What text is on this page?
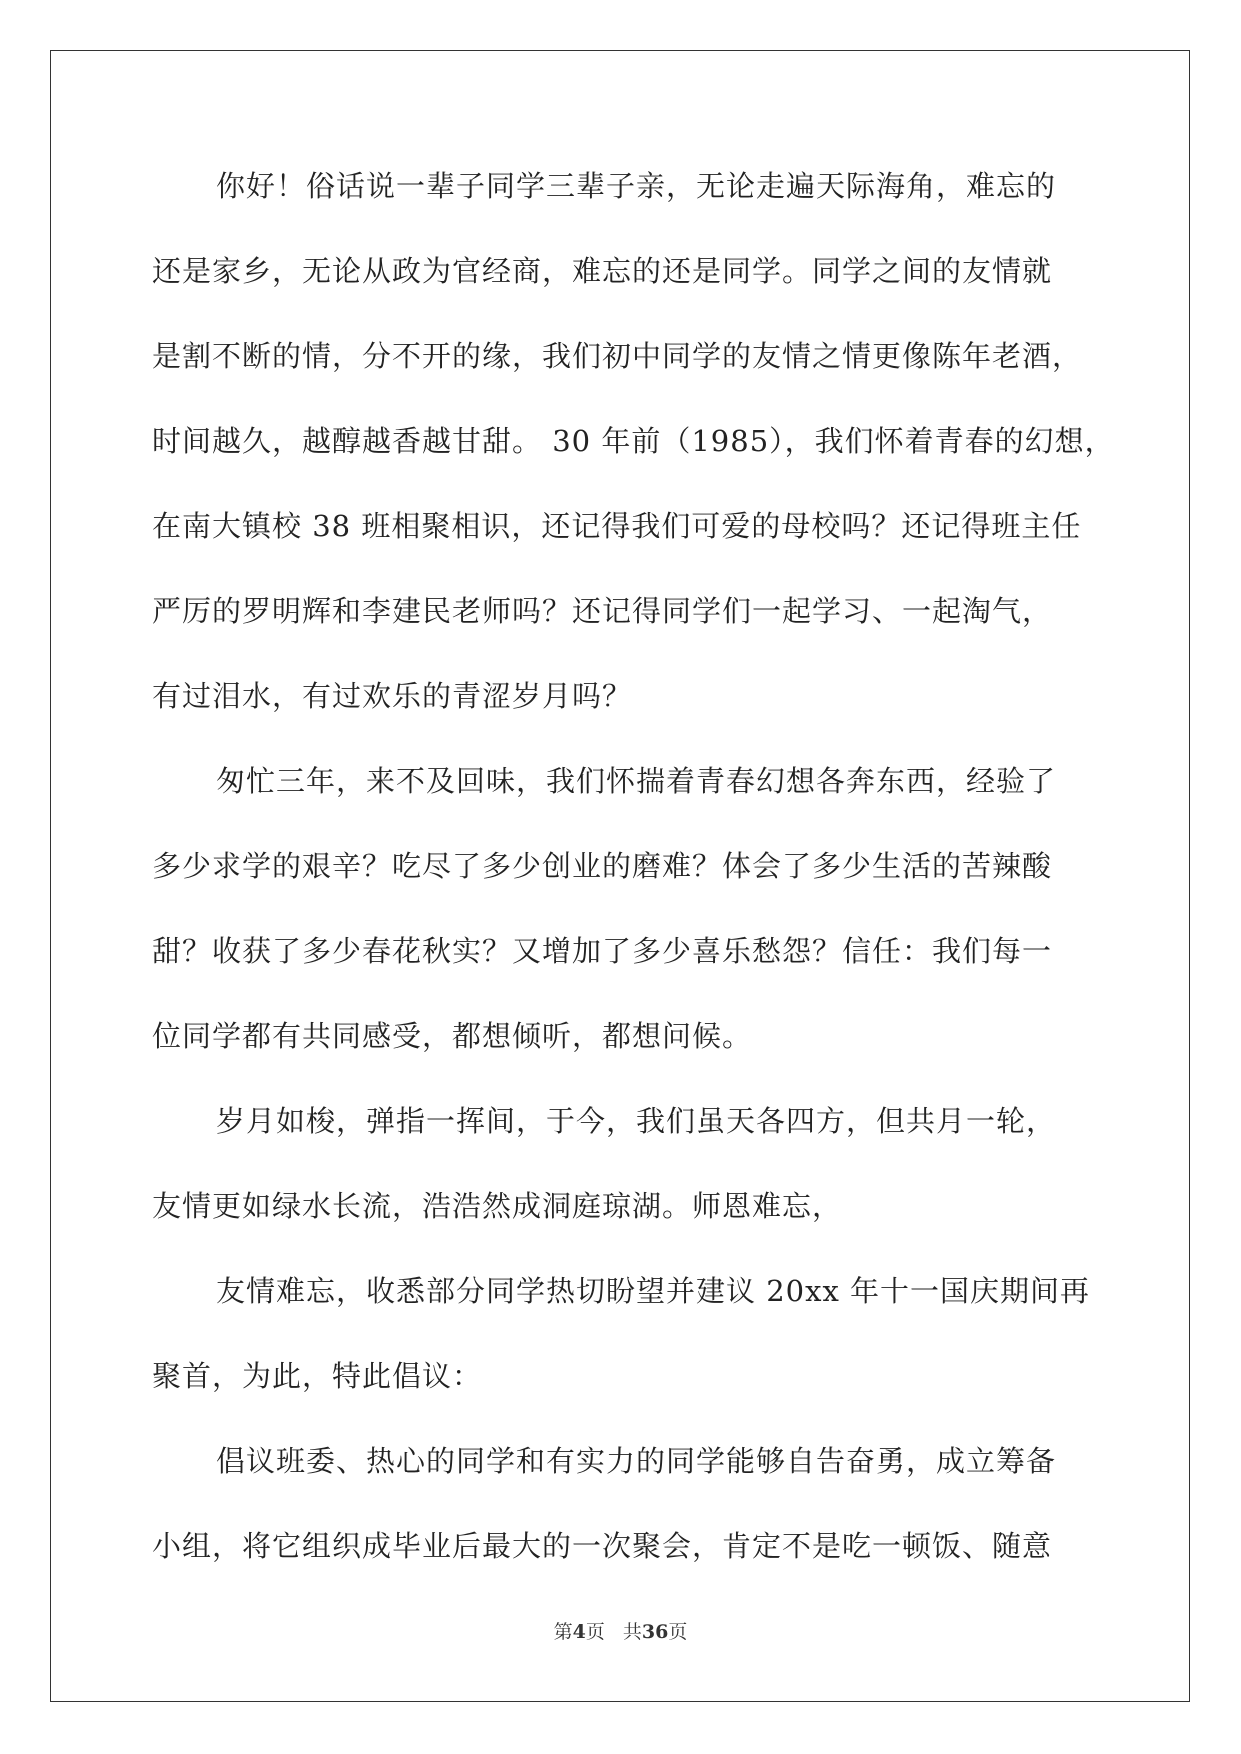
你好！俗话说一辈子同学三辈子亲，无论走遍天际海角，难忘的
还是家乡，无论从政为官经商，难忘的还是同学。同学之间的友情就
是割不断的情，分不开的缘，我们初中同学的友情之情更像陈年老酒，
时间越久，越醇越香越甘甜。 30 年前（1985），我们怀着青春的幻想，
在南大镇校 38 班相聚相识，还记得我们可爱的母校吗？还记得班主任
严厉的罗明辉和李建民老师吗？还记得同学们一起学习、一起淘气，
有过泪水，有过欢乐的青涩岁月吗？
匆忙三年，来不及回味，我们怀揣着青春幻想各奔东西，经验了
多少求学的艰辛？吃尽了多少创业的磨难？体会了多少生活的苦辣酸
甜？收获了多少春花秋实？又增加了多少喜乐愁怨？信任：我们每一
位同学都有共同感受，都想倾听，都想问候。
岁月如梭，弹指一挥间，于今，我们虽天各四方，但共月一轮，
友情更如绿水长流，浩浩然成洞庭琼湖。师恩难忘，
友情难忘，收悉部分同学热切盼望并建议 20xx 年十一国庆期间再
聚首，为此，特此倡议：
倡议班委、热心的同学和有实力的同学能够自告奋勇，成立筹备
小组，将它组织成毕业后最大的一次聚会，肯定不是吃一顿饭、随意
第4页 共36页
